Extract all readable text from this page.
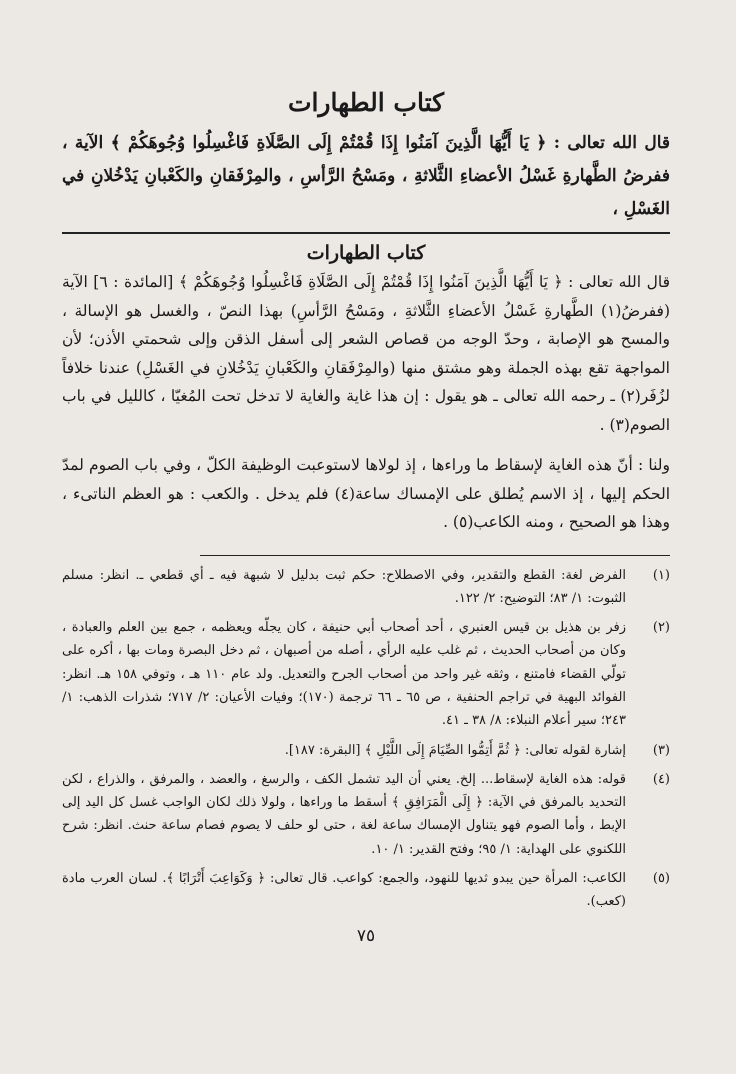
كتاب الطهارات

قال الله تعالى : ﴿ يَا أَيُّهَا الَّذِينَ آمَنُوا إِذَا قُمْتُمْ إِلَى الصَّلَاةِ فَاغْسِلُوا وُجُوهَكُمْ ﴾ الآية ، ففرضُ الطَّهارةِ غَسْلُ الأعضاءِ الثَّلاثةِ ، ومَسْحُ الرَّأسِ ، والمِرْفَقانِ والكَعْبانِ يَدْخُلانِ في الغَسْلِ ،

كتاب الطهارات

قال الله تعالى : ﴿ يَا أَيُّهَا الَّذِينَ آمَنُوا إِذَا قُمْتُمْ إِلَى الصَّلَاةِ فَاغْسِلُوا وُجُوهَكُمْ ﴾ [المائدة : ٦] الآية (ففرضُ(١) الطَّهارةِ غَسْلُ الأعضاءِ الثَّلاثةِ ، ومَسْحُ الرَّأسِ) بهذا النصّ ، والغسل هو الإسالة ، والمسح هو الإصابة ، وحدّ الوجه من قصاص الشعر إلى أسفل الذقن وإلى شحمتي الأذن؛ لأن المواجهة تقع بهذه الجملة وهو مشتق منها (والمِرْفَقانِ والكَعْبانِ يَدْخُلانِ في الغَسْلِ) عندنا خلافاً لزُفَر(٢) ـ رحمه الله تعالى ـ هو يقول : إن هذا غاية والغاية لا تدخل تحت المُغيّا ، كالليل في باب الصوم(٣) .

ولنا : أنّ هذه الغاية لإسقاط ما وراءها ، إذ لولاها لاستوعبت الوظيفة الكلّ ، وفي باب الصوم لمدّ الحكم إليها ، إذ الاسم يُطلق على الإمساك ساعة(٤) فلم يدخل . والكعب : هو العظم الناتىء ، وهذا هو الصحيح ، ومنه الكاعب(٥) .

(١)
الفرض لغة: القطع والتقدير، وفي الاصطلاح: حكم ثبت بدليل لا شبهة فيه ـ أي قطعي ـ. انظر: مسلم الثبوت: ١/ ٨٣؛ التوضيح: ٢/ ١٢٢.
(٢)
زفر بن هذيل بن قيس العنبري ، أحد أصحاب أبي حنيفة ، كان يجلّه ويعظمه ، جمع بين العلم والعبادة ، وكان من أصحاب الحديث ، ثم غلب عليه الرأي ، أصله من أصبهان ، ثم دخل البصرة ومات بها ، أكره على تولّي القضاء فامتنع ، وثقه غير واحد من أصحاب الجرح والتعديل. ولد عام ١١٠ هـ ، وتوفي ١٥٨ هـ. انظر: الفوائد البهية في تراجم الحنفية ، ص ٦٥ ـ ٦٦ ترجمة (١٧٠)؛ وفيات الأعيان: ٢/ ٧١٧؛ شذرات الذهب: ١/ ٢٤٣؛ سير أعلام النبلاء: ٨/ ٣٨ ـ ٤١.
(٣)
إشارة لقوله تعالى: ﴿ ثُمَّ أَتِمُّوا الصِّيَامَ إِلَى اللَّيْلِ ﴾ [البقرة: ١٨٧].
(٤)
قوله: هذه الغاية لإسقاط... إلخ. يعني أن اليد تشمل الكف ، والرسغ ، والعضد ، والمرفق ، والذراع ، لكن التحديد بالمرفق في الآية: ﴿ إِلَى الْمَرَافِقِ ﴾ أسقط ما وراءها ، ولولا ذلك لكان الواجب غسل كل اليد إلى الإبط ، وأما الصوم فهو يتناول الإمساك ساعة لغة ، حتى لو حلف لا يصوم فصام ساعة حنث. انظر: شرح اللكنوي على الهداية: ١/ ٩٥؛ وفتح القدير: ١/ ١٠.
(٥)
الكاعب: المرأة حين يبدو ثديها للنهود، والجمع: كواعب. قال تعالى: ﴿ وَكَوَاعِبَ أَتْرَابًا ﴾. لسان العرب مادة (كعب).
٧٥
